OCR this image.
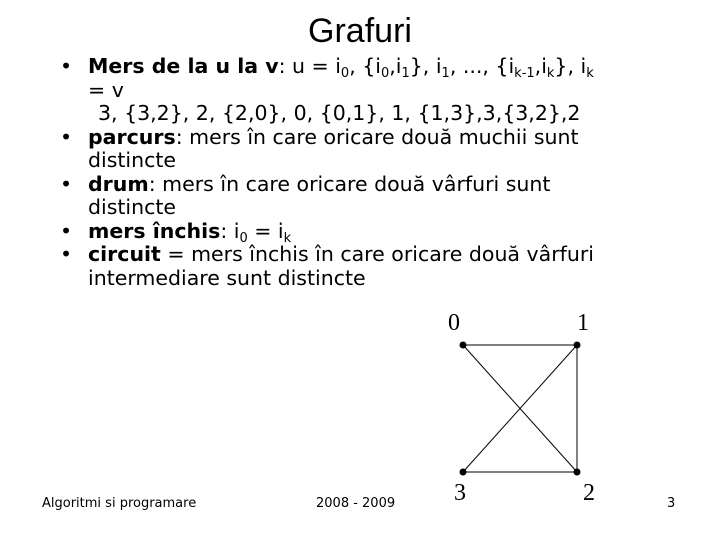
Grafuri
• Mers de la u la v: $u = i_0$, $\{i_0,i_1\}$, $i_1$, ..., $\{i_{k-1},i_k\}$, $i_k$
= v
3, {3,2}, 2, {2,0}, 0, {0,1}, 1, {1,3},3,{3,2},2
• parcurs: mers în care oricare două muchii sunt
distincte
• drum: mers în care oricare două vârfuri sunt
distincte
• mers închis: $i_0 = i_k$
• circuit = mers închis în care oricare două vârfuri
intermediare sunt distincte
0	1
3	2
Algoritmi si programare	2008 - 2009	3
